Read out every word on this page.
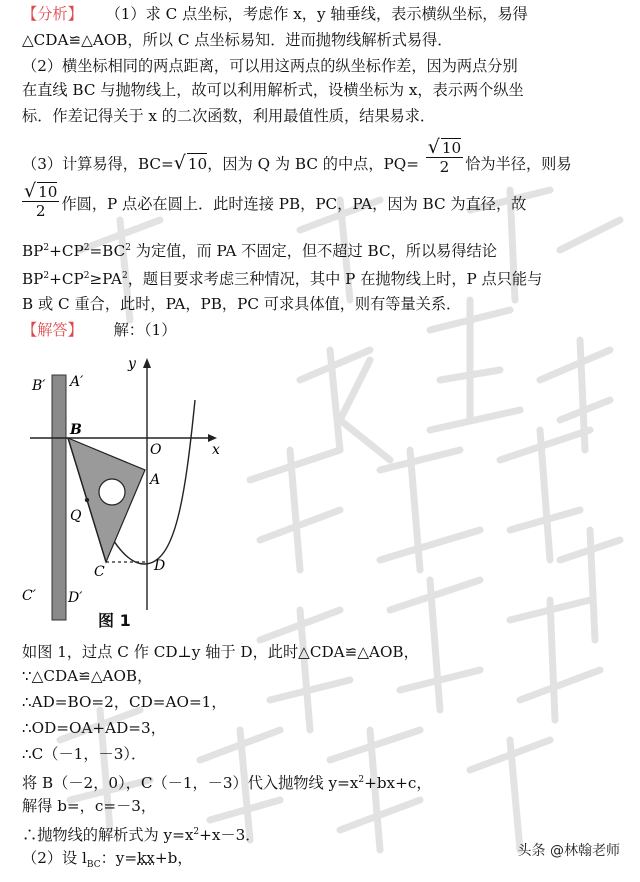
【分析】 （1）求 C 点坐标，考虑作 x，y 轴垂线，表示横纵坐标，易得
△CDA≌△AOB，所以 C 点坐标易知．进而抛物线解析式易得．
（2）横坐标相同的两点距离，可以用这两点的纵坐标作差，因为两点分别
在直线 BC 与抛物线上，故可以利用解析式，设横坐标为 x，表示两个纵坐
标．作差记得关于 x 的二次函数，利用最值性质，结果易求．
（3）计算易得，BC=√ 10，因为 Q 为 BC 的中点，$PQ= \frac{√ 10}{2}$ 恰为半径，则易
$\frac{√ 10}{2}$ 作圆，P 点必在圆上．此时连接 PB，PC，PA，因为 BC 为直径，故
$BP^2+CP^2=BC^2$ 为定值，而 PA 不固定，但不超过 BC，所以易得结论
$BP^2+CP^2\ge PA^2$，题目要求考虑三种情况，其中 P 在抛物线上时，P 点只能与
B 或 C 重合，此时，PA，PB，PC 可求具体值，则有等量关系．
【解答】 解：（1）
B′ A′
B
O	x
y
A
Q
C	D
C′ D′
图 1
如图 1，过点 C 作 CD⊥y 轴于 D，此时△CDA≌△AOB，
∵△CDA≌△AOB，
∴AD=BO=2，CD=AO=1，
∴OD=OA+AD=3，
∴C（－1，－3）．
将 B（－2，0），C（－1，－3）代入抛物线 $y=x^2+bx+c$，
解得 b=，c=－3，
∴抛物线的解析式为 $y=x^2+x-3$．
（2）设 $l_{BC}$：y=kx+b，	头条 @林翰老师
